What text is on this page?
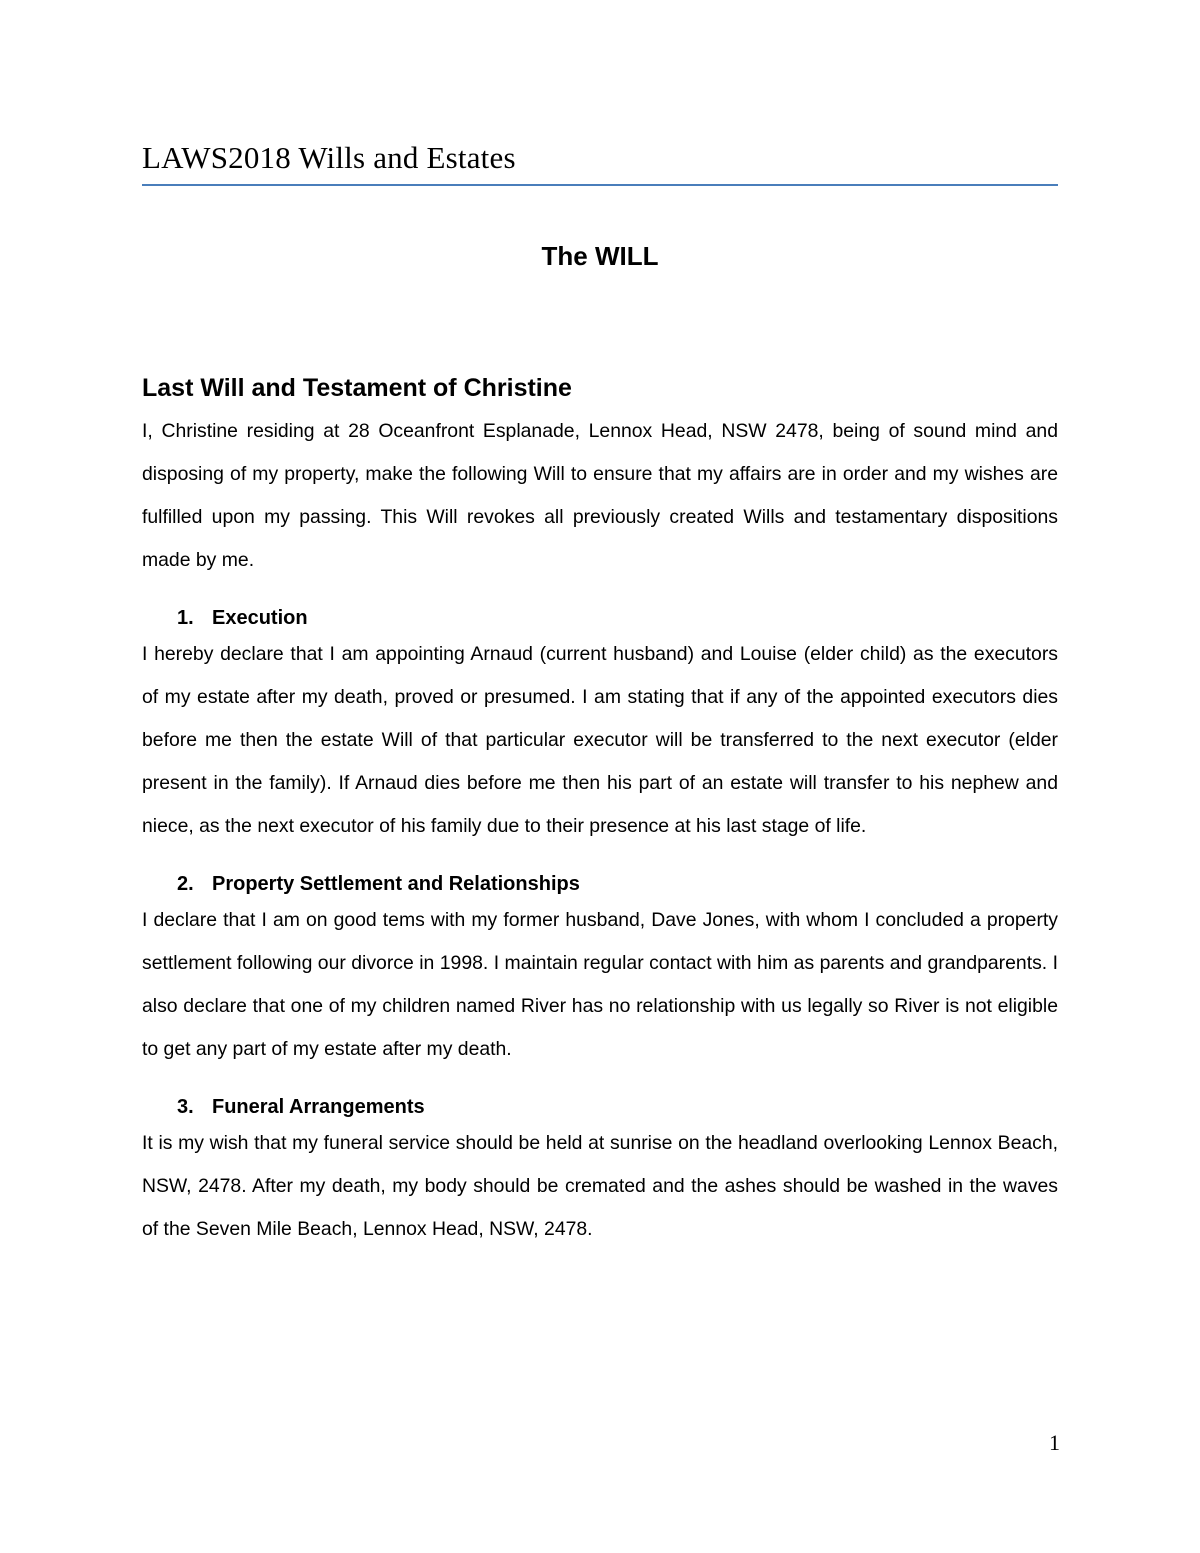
LAWS2018 Wills and Estates
The WILL
Last Will and Testament of Christine

I, Christine residing at 28 Oceanfront Esplanade, Lennox Head, NSW 2478, being of sound mind and disposing of my property, make the following Will to ensure that my affairs are in order and my wishes are fulfilled upon my passing. This Will revokes all previously created Wills and testamentary dispositions made by me.

1. Execution

I hereby declare that I am appointing Arnaud (current husband) and Louise (elder child) as the executors of my estate after my death, proved or presumed. I am stating that if any of the appointed executors dies before me then the estate Will of that particular executor will be transferred to the next executor (elder present in the family). If Arnaud dies before me then his part of an estate will transfer to his nephew and niece, as the next executor of his family due to their presence at his last stage of life.

2. Property Settlement and Relationships

I declare that I am on good tems with my former husband, Dave Jones, with whom I concluded a property settlement following our divorce in 1998. I maintain regular contact with him as parents and grandparents. I also declare that one of my children named River has no relationship with us legally so River is not eligible to get any part of my estate after my death.

3. Funeral Arrangements

It is my wish that my funeral service should be held at sunrise on the headland overlooking Lennox Beach, NSW, 2478. After my death, my body should be cremated and the ashes should be washed in the waves of the Seven Mile Beach, Lennox Head, NSW, 2478.

1
